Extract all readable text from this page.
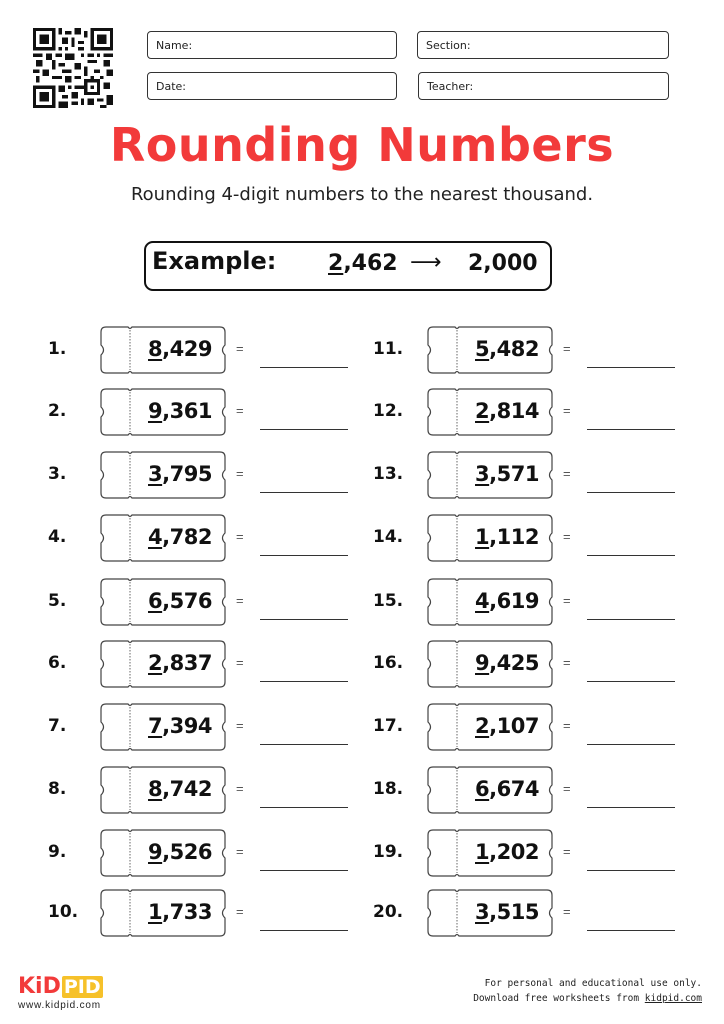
Name:	Section:
Date:	Teacher:
Rounding Numbers
Rounding 4-digit numbers to the nearest thousand.
Example: 2,462 ⟶ 2,000
1.	8,429	=
2.	9,361	=
3.	3,795	=
4.	4,782	=
5.	6,576	=
6.	2,837	=
7.	7,394	=
8.	8,742	=
9.	9,526	=
10.	1,733	=
11.	5,482	=
12.	2,814	=
13.	3,571	=
14.	1,112	=
15.	4,619	=
16.	9,425	=
17.	2,107	=
18.	6,674	=
19.	1,202	=
20.	3,515	=
KiD PID
www.kidpid.com
For personal and educational use only.
Download free worksheets from kidpid.com
